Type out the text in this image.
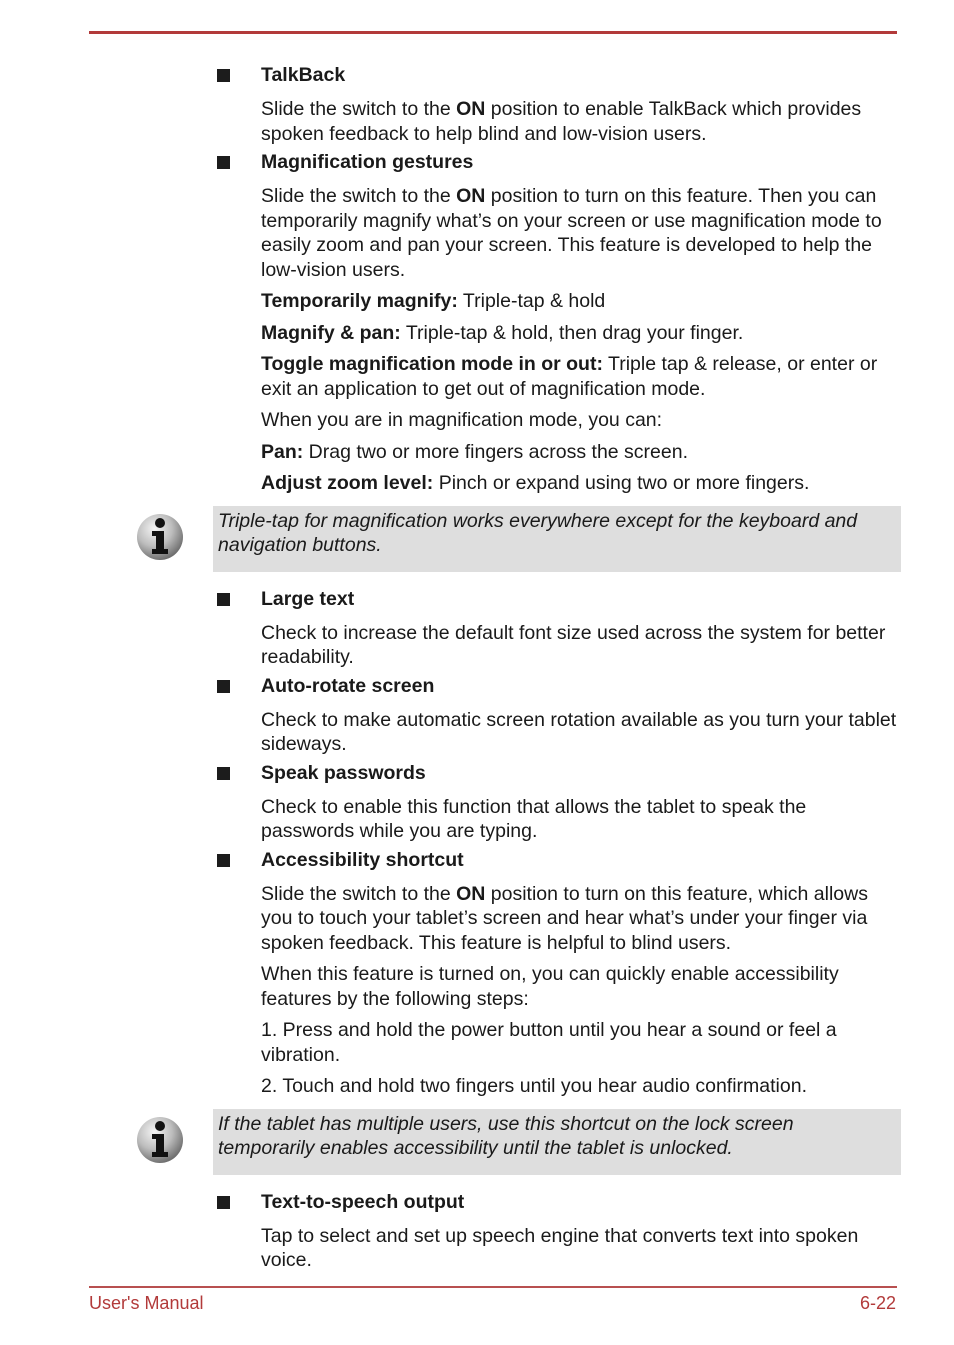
TalkBack

Slide the switch to the ON position to enable TalkBack which provides spoken feedback to help blind and low-vision users.

Magnification gestures

Slide the switch to the ON position to turn on this feature. Then you can temporarily magnify what’s on your screen or use magnification mode to easily zoom and pan your screen. This feature is developed to help the low-vision users.

Temporarily magnify: Triple-tap & hold

Magnify & pan: Triple-tap & hold, then drag your finger.

Toggle magnification mode in or out: Triple tap & release, or enter or exit an application to get out of magnification mode.

When you are in magnification mode, you can:

Pan: Drag two or more fingers across the screen.

Adjust zoom level: Pinch or expand using two or more fingers.

Triple-tap for magnification works everywhere except for the keyboard and navigation buttons.

Large text

Check to increase the default font size used across the system for better readability.

Auto-rotate screen

Check to make automatic screen rotation available as you turn your tablet sideways.

Speak passwords

Check to enable this function that allows the tablet to speak the passwords while you are typing.

Accessibility shortcut

Slide the switch to the ON position to turn on this feature, which allows you to touch your tablet’s screen and hear what’s under your finger via spoken feedback. This feature is helpful to blind users.

When this feature is turned on, you can quickly enable accessibility features by the following steps:

1. Press and hold the power button until you hear a sound or feel a vibration.

2. Touch and hold two fingers until you hear audio confirmation.

If the tablet has multiple users, use this shortcut on the lock screen temporarily enables accessibility until the tablet is unlocked.

Text-to-speech output

Tap to select and set up speech engine that converts text into spoken voice.

User's Manual	6-22
